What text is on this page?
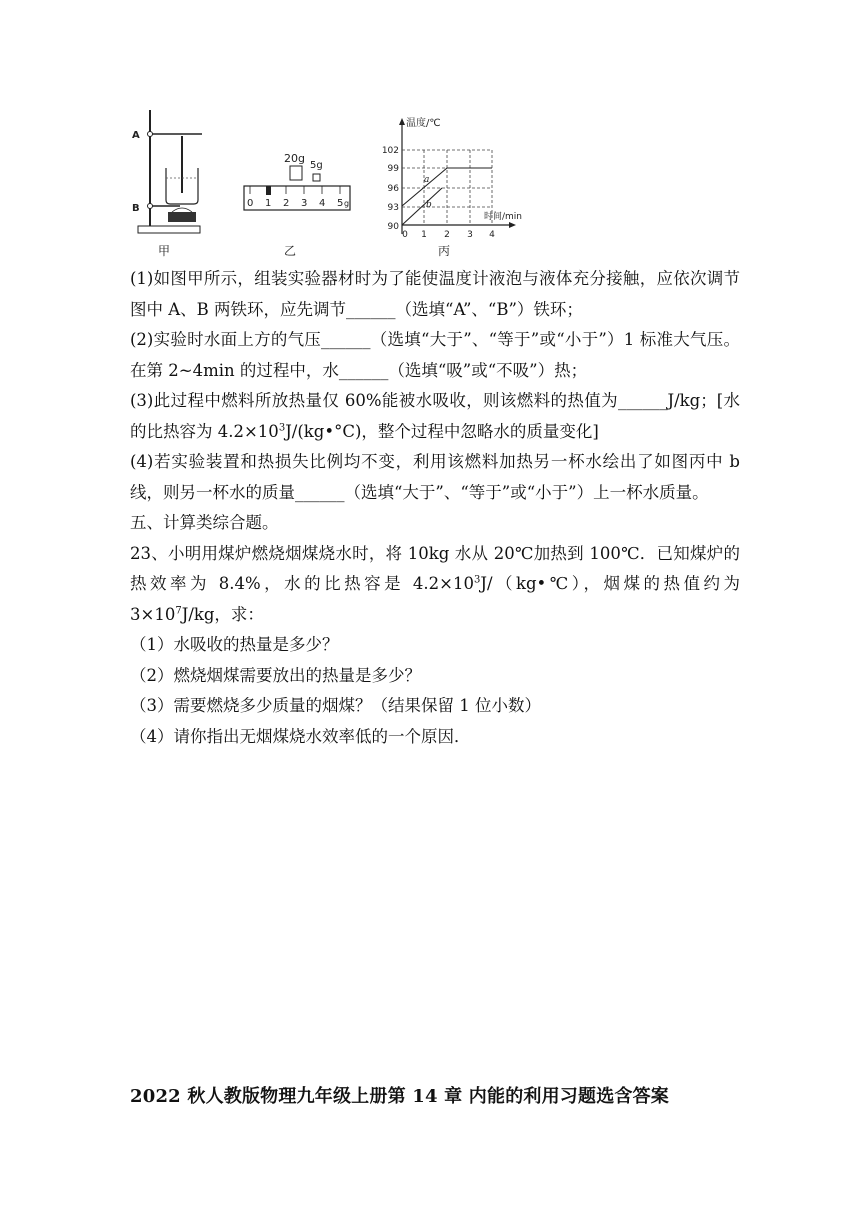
A
B
甲
20g
5g
0 1 2 3 4 5 g
乙
a
b
温度/℃
时间/min
102
99
96
93
90
0 1 2 3 4
丙

(1)如图甲所示，组装实验器材时为了能使温度计液泡与液体充分接触，应依次调节图中 A、B 两铁环，应先调节______（选填“A”、“B”）铁环；

(2)实验时水面上方的气压______（选填“大于”、“等于”或“小于”）1 标准大气压。在第 2~4min 的过程中，水______（选填“吸”或“不吸”）热；

(3)此过程中燃料所放热量仅 60%能被水吸收，则该燃料的热值为______J/kg；[水的比热容为 $4.2\times 10^3J/(kg•^\circ C)$，整个过程中忽略水的质量变化]

(4)若实验装置和热损失比例均不变，利用该燃料加热另一杯水绘出了如图丙中 b 线，则另一杯水的质量______（选填“大于”、“等于”或“小于”）上一杯水质量。

五、计算类综合题。

23、小明用煤炉燃烧烟煤烧水时，将 10kg 水从 20℃加热到 100℃．已知煤炉的热效率为 8.4%，水的比热容是 $4.2\times 10^3J/(kg•℃)$，烟煤的热值约为 $3\times 10^7J/kg$，求：

（1）水吸收的热量是多少？

（2）燃烧烟煤需要放出的热量是多少？

（3）需要燃烧多少质量的烟煤？（结果保留 1 位小数）

（4）请你指出无烟煤烧水效率低的一个原因．

2022 秋人教版物理九年级上册第 14 章 内能的利用习题选含答案
